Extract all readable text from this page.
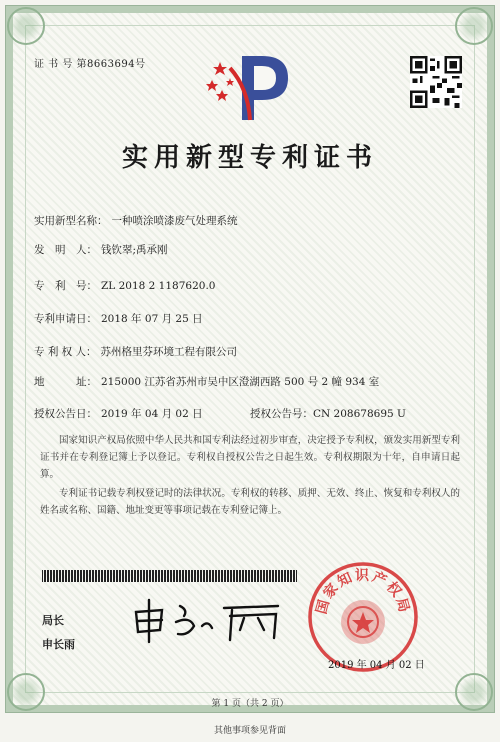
证 书 号 第8663694号
实用新型专利证书
实用新型名称： 一种喷涂喷漆废气处理系统
发　明　人： 钱钦翠;禹承刚
专　利　号： ZL 2018 2 1187620.0
专利申请日： 2018 年 07 月 25 日
专 利 权 人： 苏州格里芬环境工程有限公司
地　　　址： 215000 江苏省苏州市吴中区澄湖西路 500 号 2 幢 934 室
授权公告日： 2019 年 04 月 02 日	授权公告号：CN 208678695 U
国家知识产权局依照中华人民共和国专利法经过初步审查，决定授予专利权，颁发实用新型专利证书并在专利登记簿上予以登记。专利权自授权公告之日起生效。专利权期限为十年，自申请日起算。
专利证书记载专利权登记时的法律状况。专利权的转移、质押、无效、终止、恢复和专利权人的姓名或名称、国籍、地址变更等事项记载在专利登记簿上。
局长
申长雨
国家知识产权局
2019 年 04 月 02 日
第 1 页（共 2 页）
其他事项参见背面
